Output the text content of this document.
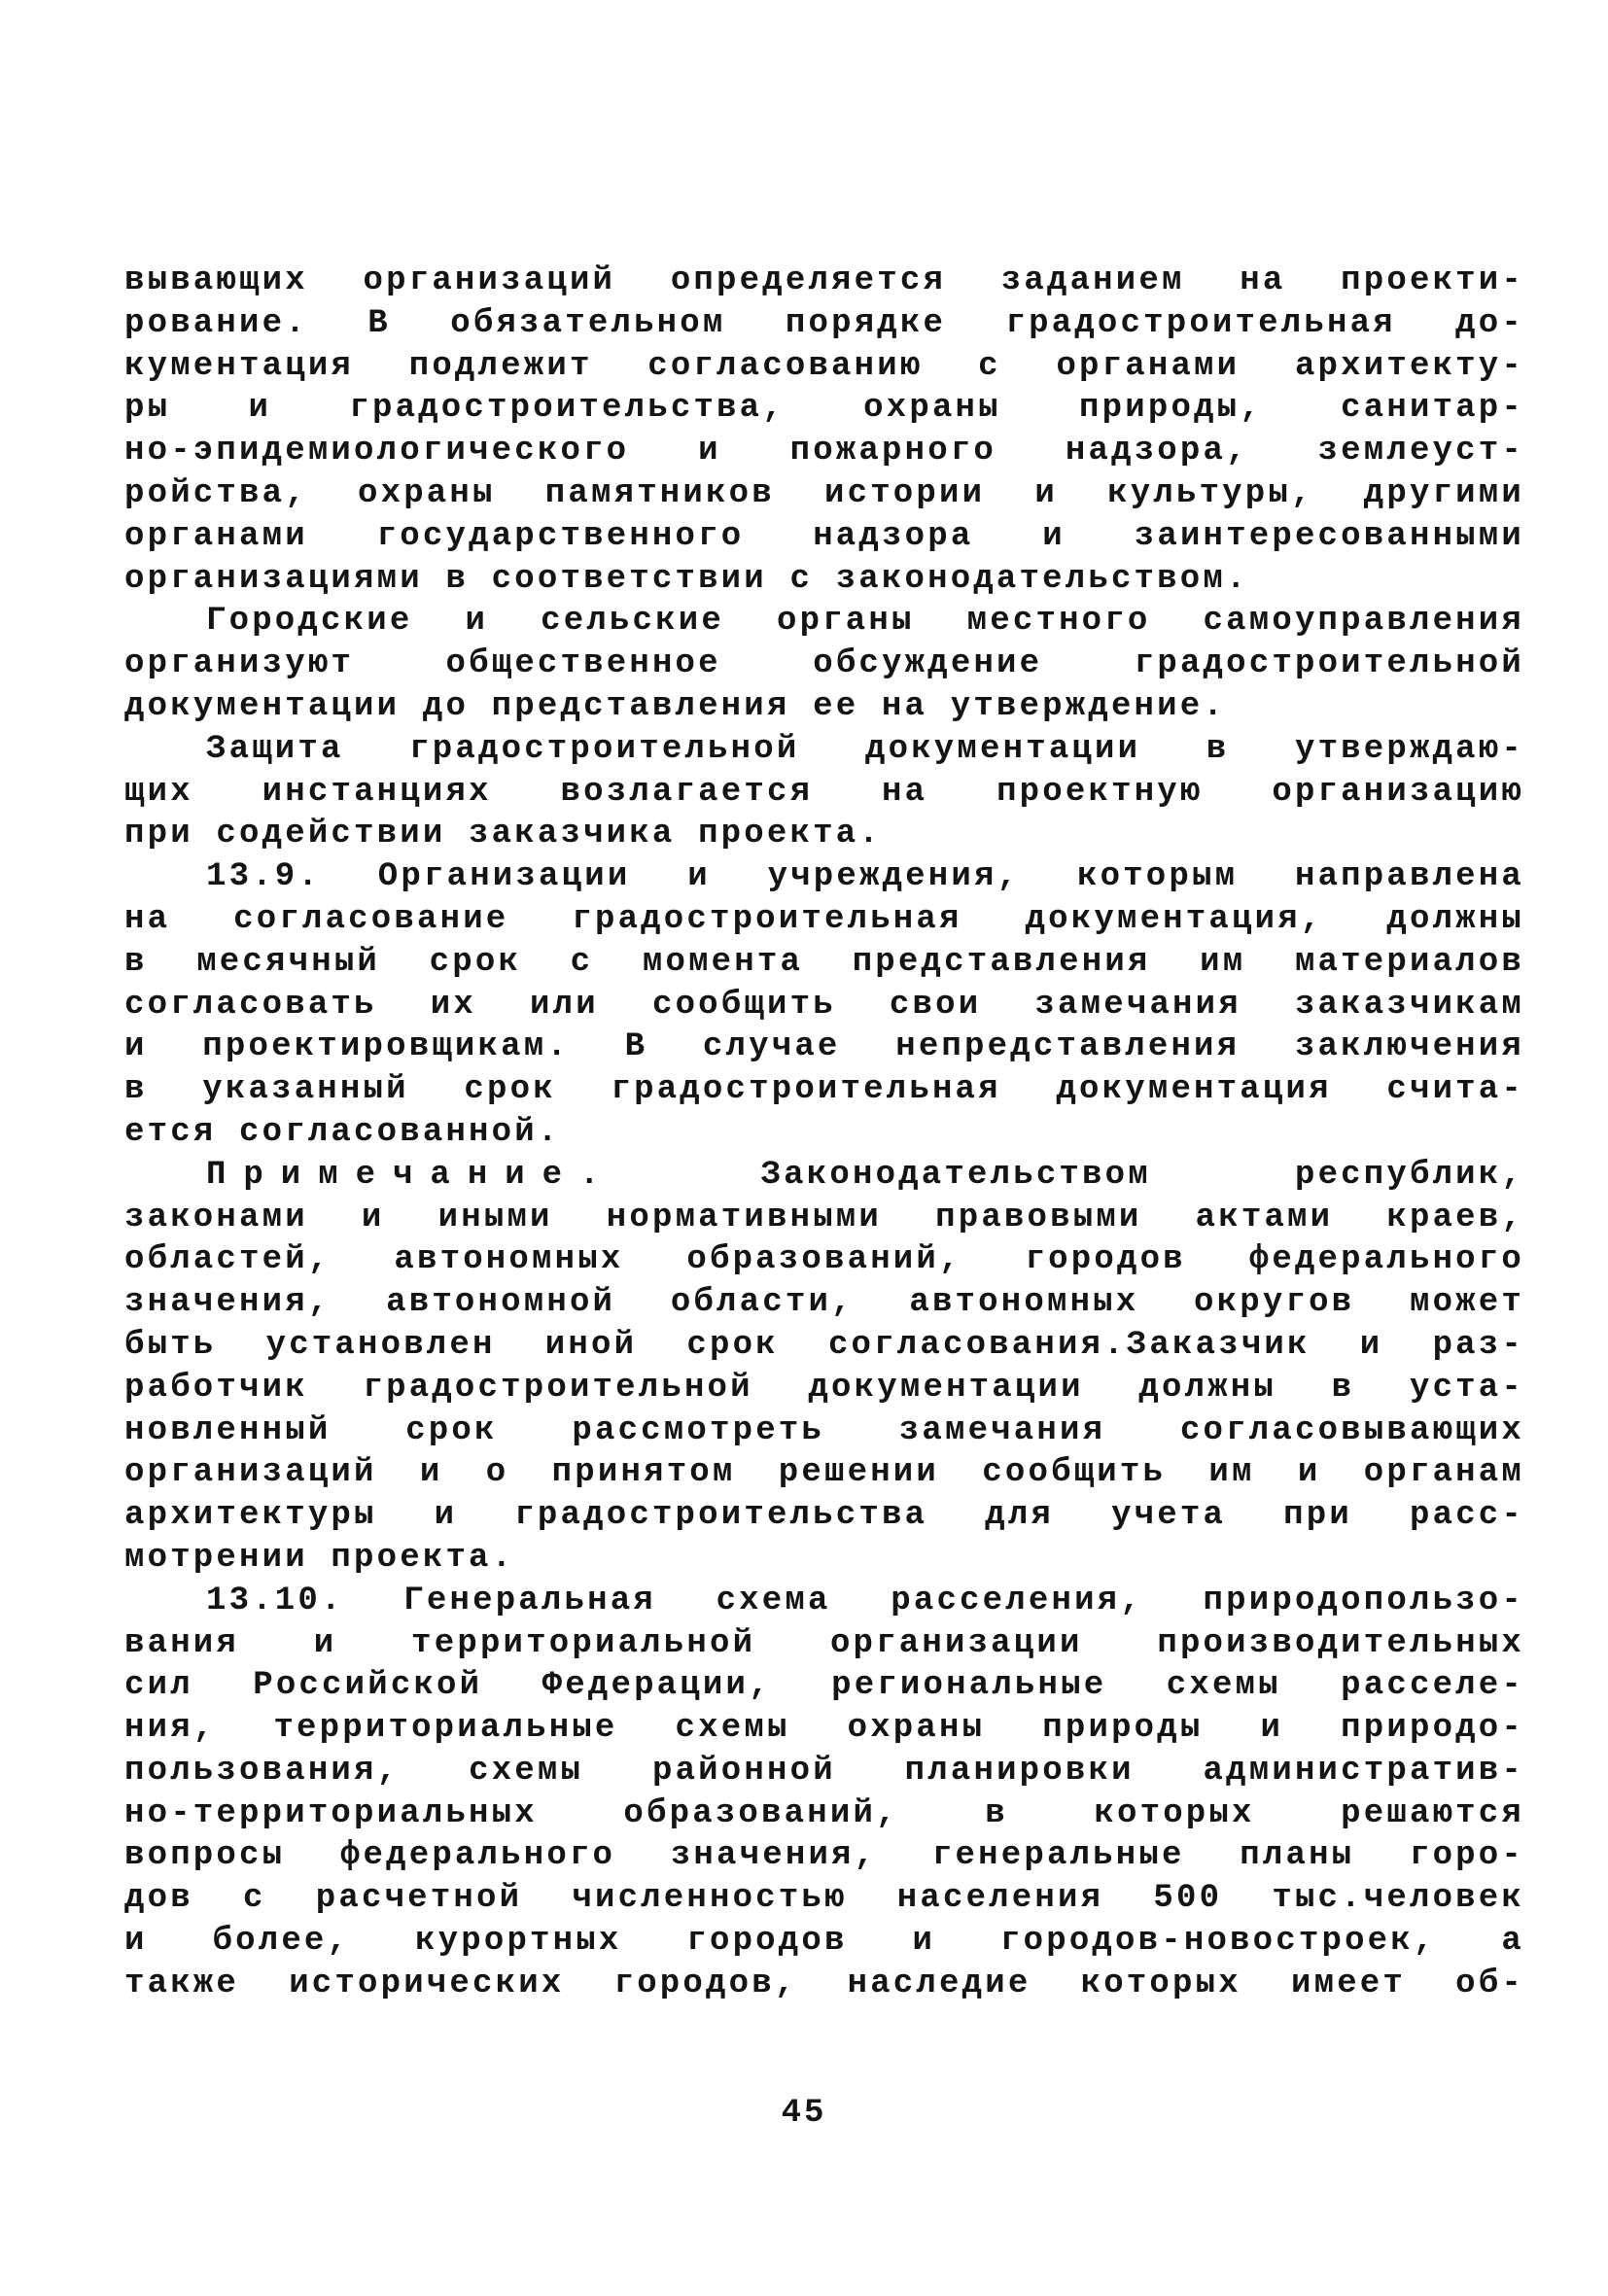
вывающих организаций определяется заданием на проекти-
рование. В обязательном порядке градостроительная до-
кументация подлежит согласованию с органами архитекту-
ры и градостроительства, охраны природы, санитар-
но-эпидемиологического и пожарного надзора, землеуст-
ройства, охраны памятников истории и культуры, другими
органами государственного надзора и заинтересованными
организациями в соответствии с законодательством.
Городские и сельские органы местного самоуправления
организуют общественное обсуждение градостроительной
документации до представления ее на утверждение.
Защита градостроительной документации в утверждаю-
щих инстанциях возлагается на проектную организацию
при содействии заказчика проекта.
13.9. Организации и учреждения, которым направлена
на согласование градостроительная документация, должны
в месячный срок с момента представления им материалов
согласовать их или сообщить свои замечания заказчикам
и проектировщикам. В случае непредставления заключения
в указанный срок градостроительная документация счита-
ется согласованной.
Примечание.	Законодательством республик,
законами и иными нормативными правовыми актами краев,
областей, автономных образований, городов федерального
значения, автономной области, автономных округов может
быть установлен иной срок согласования.Заказчик и раз-
работчик градостроительной документации должны в уста-
новленный срок рассмотреть замечания согласовывающих
организаций и о принятом решении сообщить им и органам
архитектуры и градостроительства для учета при расс-
мотрении проекта.
13.10. Генеральная схема расселения, природопользо-
вания и территориальной организации производительных
сил Российской Федерации, региональные схемы расселе-
ния, территориальные схемы охраны природы и природо-
пользования, схемы районной планировки административ-
но-территориальных образований, в которых решаются
вопросы федерального значения, генеральные планы горо-
дов с расчетной численностью населения 500 тыс.человек
и более, курортных городов и городов-новостроек, а
также исторических городов, наследие которых имеет об-
45
